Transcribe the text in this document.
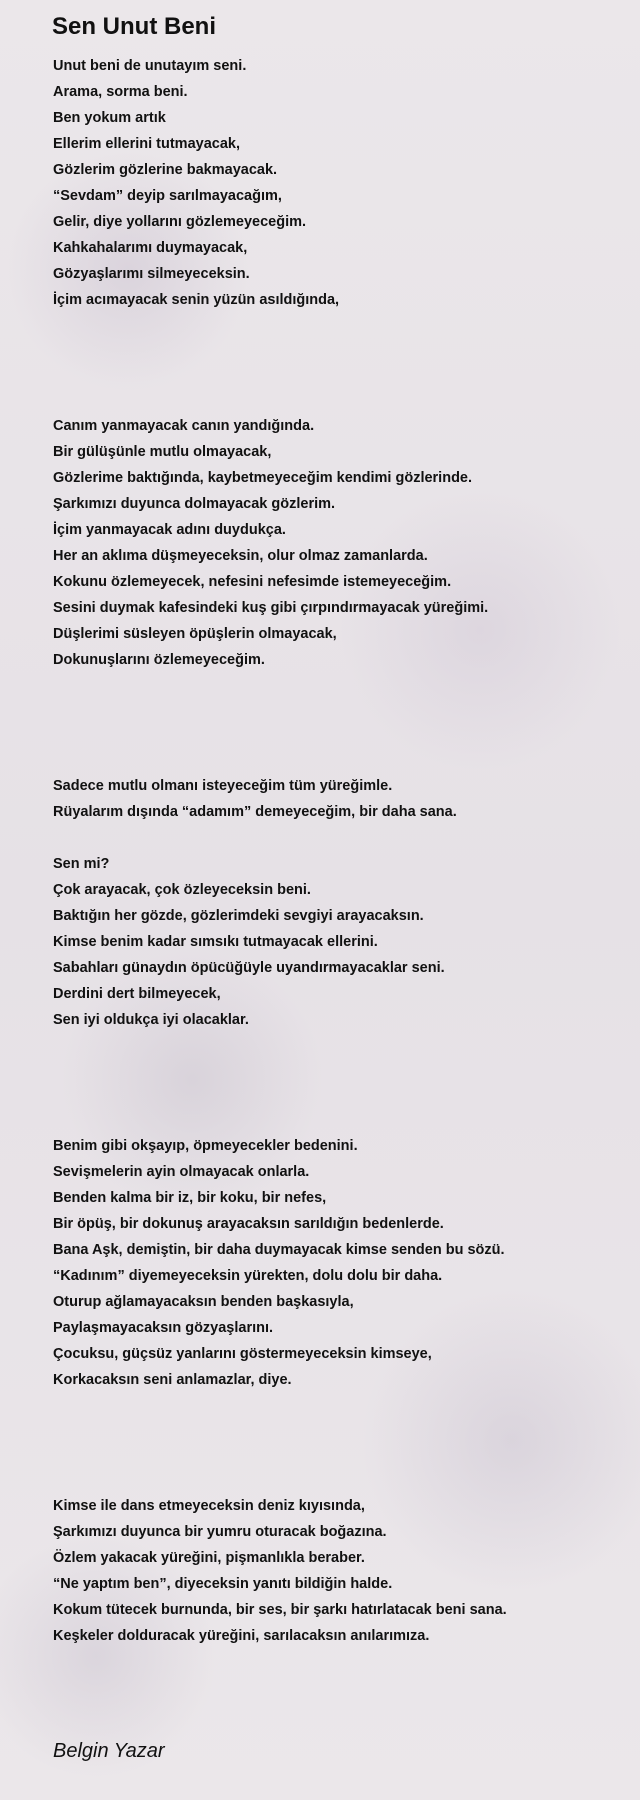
Sen Unut Beni
Unut beni de unutayım seni.
Arama, sorma beni.
Ben yokum artık
Ellerim ellerini tutmayacak,
Gözlerim gözlerine bakmayacak.
“Sevdam” deyip sarılmayacağım,
Gelir, diye yollarını gözlemeyeceğim.
Kahkahalarımı duymayacak,
Gözyaşlarımı silmeyeceksin.
İçim acımayacak senin yüzün asıldığında,
Canım yanmayacak canın yandığında.
Bir gülüşünle mutlu olmayacak,
Gözlerime baktığında, kaybetmeyeceğim kendimi gözlerinde.
Şarkımızı duyunca dolmayacak gözlerim.
İçim yanmayacak adını duydukça.
Her an aklıma düşmeyeceksin, olur olmaz zamanlarda.
Kokunu özlemeyecek, nefesini nefesimde istemeyeceğim.
Sesini duymak kafesindeki kuş gibi çırpındırmayacak yüreğimi.
Düşlerimi süsleyen öpüşlerin olmayacak,
Dokunuşlarını özlemeyeceğim.
Sadece mutlu olmanı isteyeceğim tüm yüreğimle.
Rüyalarım dışında “adamım” demeyeceğim, bir daha sana.
Sen mi?
Çok arayacak, çok özleyeceksin beni.
Baktığın her gözde, gözlerimdeki sevgiyi arayacaksın.
Kimse benim kadar sımsıkı tutmayacak ellerini.
Sabahları günaydın öpücüğüyle uyandırmayacaklar seni.
Derdini dert bilmeyecek,
Sen iyi oldukça iyi olacaklar.
Benim gibi okşayıp, öpmeyecekler bedenini.
Sevişmelerin ayin olmayacak onlarla.
Benden kalma bir iz, bir koku, bir nefes,
Bir öpüş, bir dokunuş arayacaksın sarıldığın bedenlerde.
Bana Aşk, demiştin, bir daha duymayacak kimse senden bu sözü.
“Kadınım” diyemeyeceksin yürekten, dolu dolu bir daha.
Oturup ağlamayacaksın benden başkasıyla,
Paylaşmayacaksın gözyaşlarını.
Çocuksu, güçsüz yanlarını göstermeyeceksin kimseye,
Korkacaksın seni anlamazlar, diye.
Kimse ile dans etmeyeceksin deniz kıyısında,
Şarkımızı duyunca bir yumru oturacak boğazına.
Özlem yakacak yüreğini, pişmanlıkla beraber.
“Ne yaptım ben”, diyeceksin yanıtı bildiğin halde.
Kokum tütecek burnunda, bir ses, bir şarkı hatırlatacak beni sana.
Keşkeler dolduracak yüreğini, sarılacaksın anılarımıza.
Belgin Yazar
